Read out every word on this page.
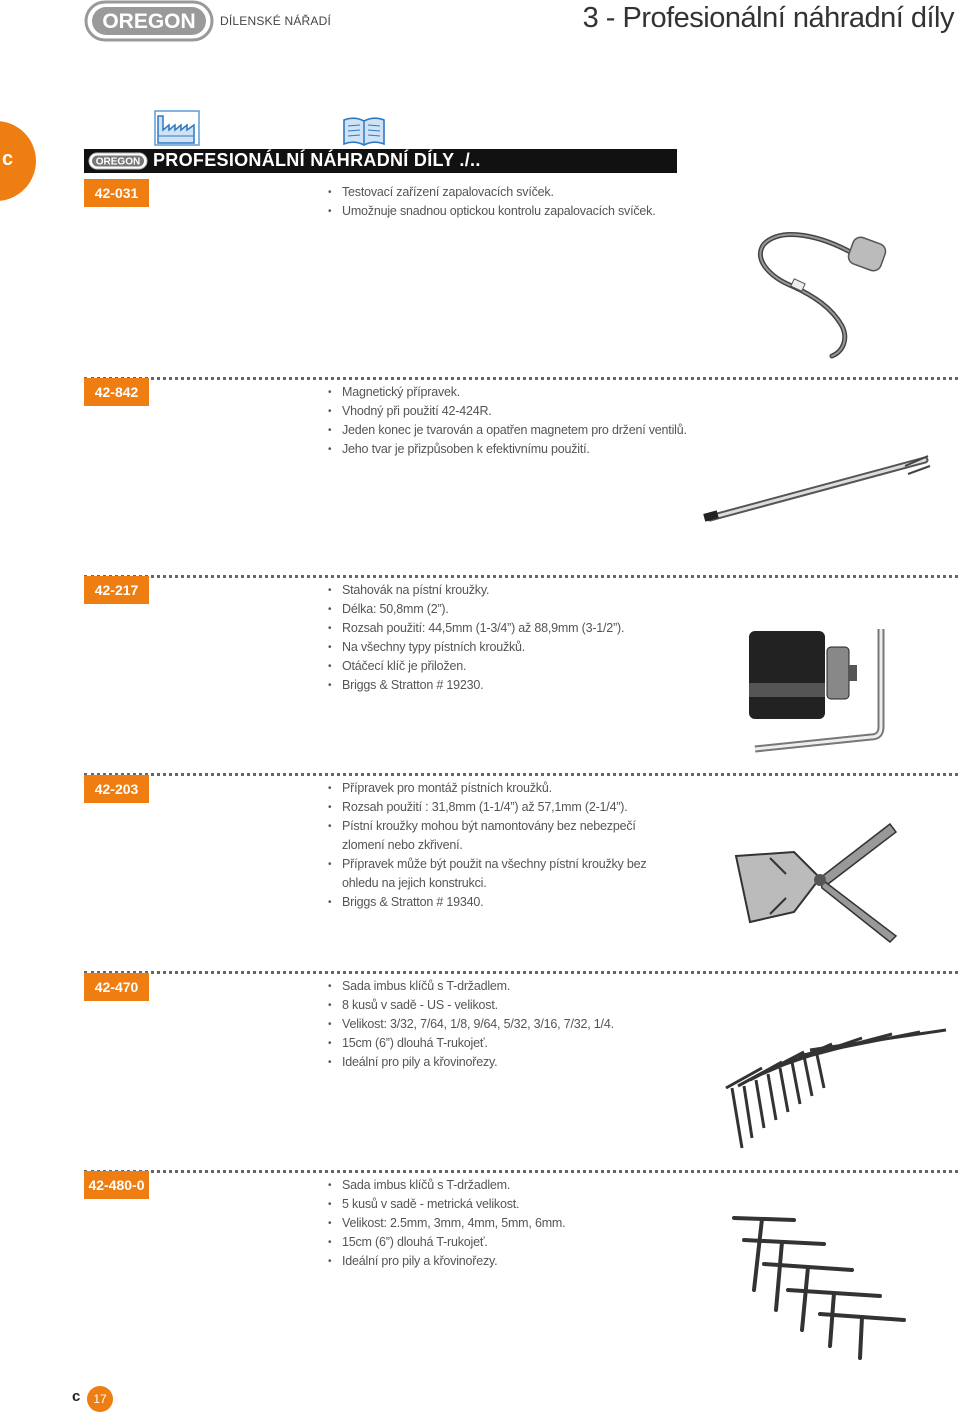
OREGON DÍLENSKÉ NÁŘADÍ	3 - Profesionální náhradní díly
c	OREGON PROFESIONÁLNÍ NÁHRADNÍ DÍLY ./..
42-031	• Testovací zařízení zapalovacích svíček.
• Umožnuje snadnou optickou kontrolu zapalovacích svíček.
42-842	• Magnetický přípravek.
• Vhodný při použití 42-424R.
• Jeden konec je tvarován a opatřen magnetem pro držení ventilů.
• Jeho tvar je přizpůsoben k efektivnímu použití.
42-217	• Stahovák na pístní kroužky.
• Délka: 50,8mm (2”).
• Rozsah použití: 44,5mm (1-3/4”) až 88,9mm (3-1/2”).
• Na všechny typy pístních kroužků.
• Otáčecí klíč je přiložen.
• Briggs & Stratton # 19230.
42-203	• Přípravek pro montáž pístních kroužků.
• Rozsah použití : 31,8mm (1-1/4”) až 57,1mm (2-1/4”).
• Pístní kroužky mohou být namontovány bez nebezpečí zlomení nebo zkřivení.
• Přípravek může být použit na všechny pístní kroužky bez ohledu na jejich konstrukci.
• Briggs & Stratton # 19340.
42-470	• Sada imbus klíčů s T-držadlem.
• 8 kusů v sadě - US - velikost.
• Velikost: 3/32, 7/64, 1/8, 9/64, 5/32, 3/16, 7/32, 1/4.
• 15cm (6”) dlouhá T-rukojeť.
• Ideální pro pily a křovinořezy.
42-480-0	• Sada imbus klíčů s T-držadlem.
• 5 kusů v sadě - metrická velikost.
• Velikost: 2.5mm, 3mm, 4mm, 5mm, 6mm.
• 15cm (6”) dlouhá T-rukojeť.
• Ideální pro pily a křovinořezy.
c	17
